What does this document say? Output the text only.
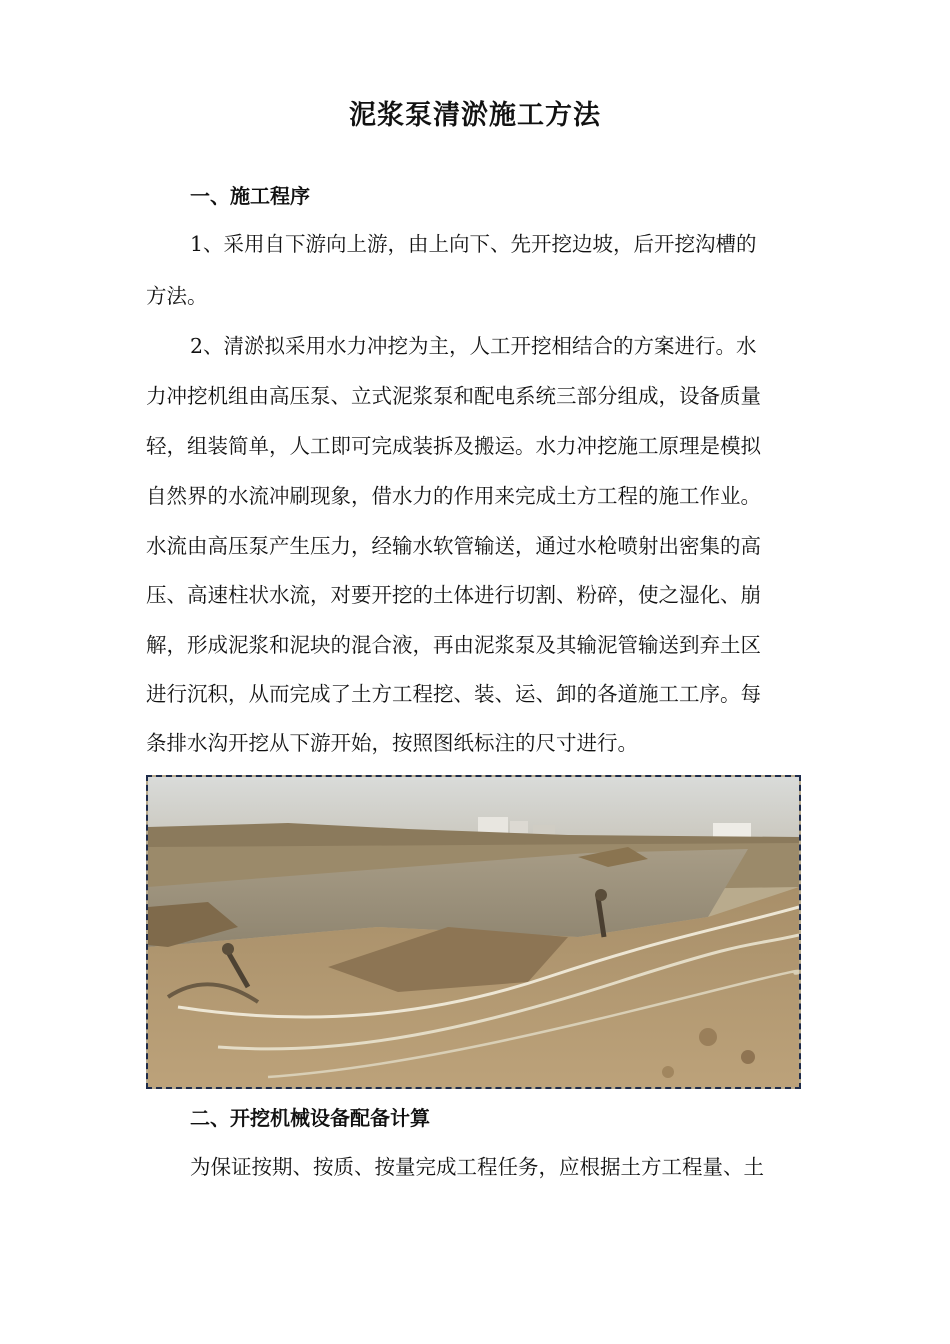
泥浆泵清淤施工方法
一、施工程序
1、采用自下游向上游，由上向下、先开挖边坡，后开挖沟槽的
方法。
2、清淤拟采用水力冲挖为主，人工开挖相结合的方案进行。水
力冲挖机组由高压泵、立式泥浆泵和配电系统三部分组成，设备质量
轻，组装简单，人工即可完成装拆及搬运。水力冲挖施工原理是模拟
自然界的水流冲刷现象，借水力的作用来完成土方工程的施工作业。
水流由高压泵产生压力，经输水软管输送，通过水枪喷射出密集的高
压、高速柱状水流，对要开挖的土体进行切割、粉碎，使之湿化、崩
解，形成泥浆和泥块的混合液，再由泥浆泵及其输泥管输送到弃土区
进行沉积，从而完成了土方工程挖、装、运、卸的各道施工工序。每
条排水沟开挖从下游开始，按照图纸标注的尺寸进行。
二、开挖机械设备配备计算
为保证按期、按质、按量完成工程任务，应根据土方工程量、土
